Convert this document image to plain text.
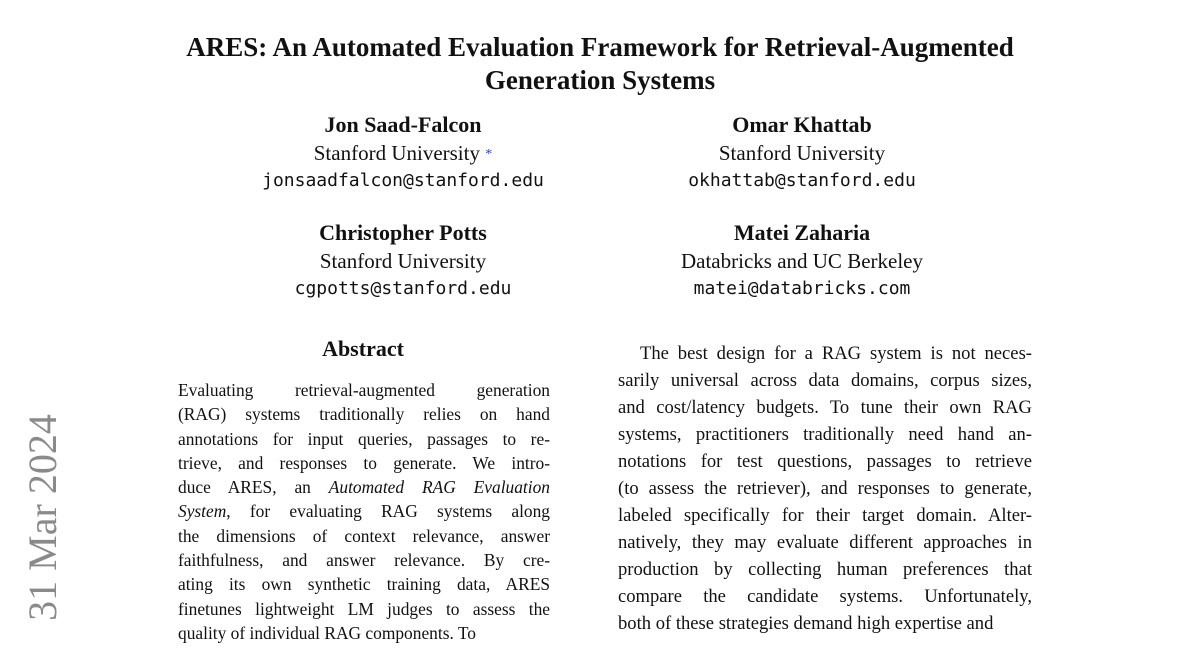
31 Mar 2024
ARES: An Automated Evaluation Framework for Retrieval-Augmented
Generation Systems
Jon Saad-Falcon
Stanford University *
jonsaadfalcon@stanford.edu
Omar Khattab
Stanford University
okhattab@stanford.edu
Christopher Potts
Stanford University
cgpotts@stanford.edu
Matei Zaharia
Databricks and UC Berkeley
matei@databricks.com
Abstract
Evaluating retrieval-augmented generation
(RAG) systems traditionally relies on hand
annotations for input queries, passages to re-
trieve, and responses to generate. We intro-
duce ARES, an Automated RAG Evaluation
System, for evaluating RAG systems along
the dimensions of context relevance, answer
faithfulness, and answer relevance. By cre-
ating its own synthetic training data, ARES
finetunes lightweight LM judges to assess the
quality of individual RAG components. To
The best design for a RAG system is not neces-
sarily universal across data domains, corpus sizes,
and cost/latency budgets. To tune their own RAG
systems, practitioners traditionally need hand an-
notations for test questions, passages to retrieve
(to assess the retriever), and responses to generate,
labeled specifically for their target domain. Alter-
natively, they may evaluate different approaches in
production by collecting human preferences that
compare the candidate systems. Unfortunately,
both of these strategies demand high expertise and
